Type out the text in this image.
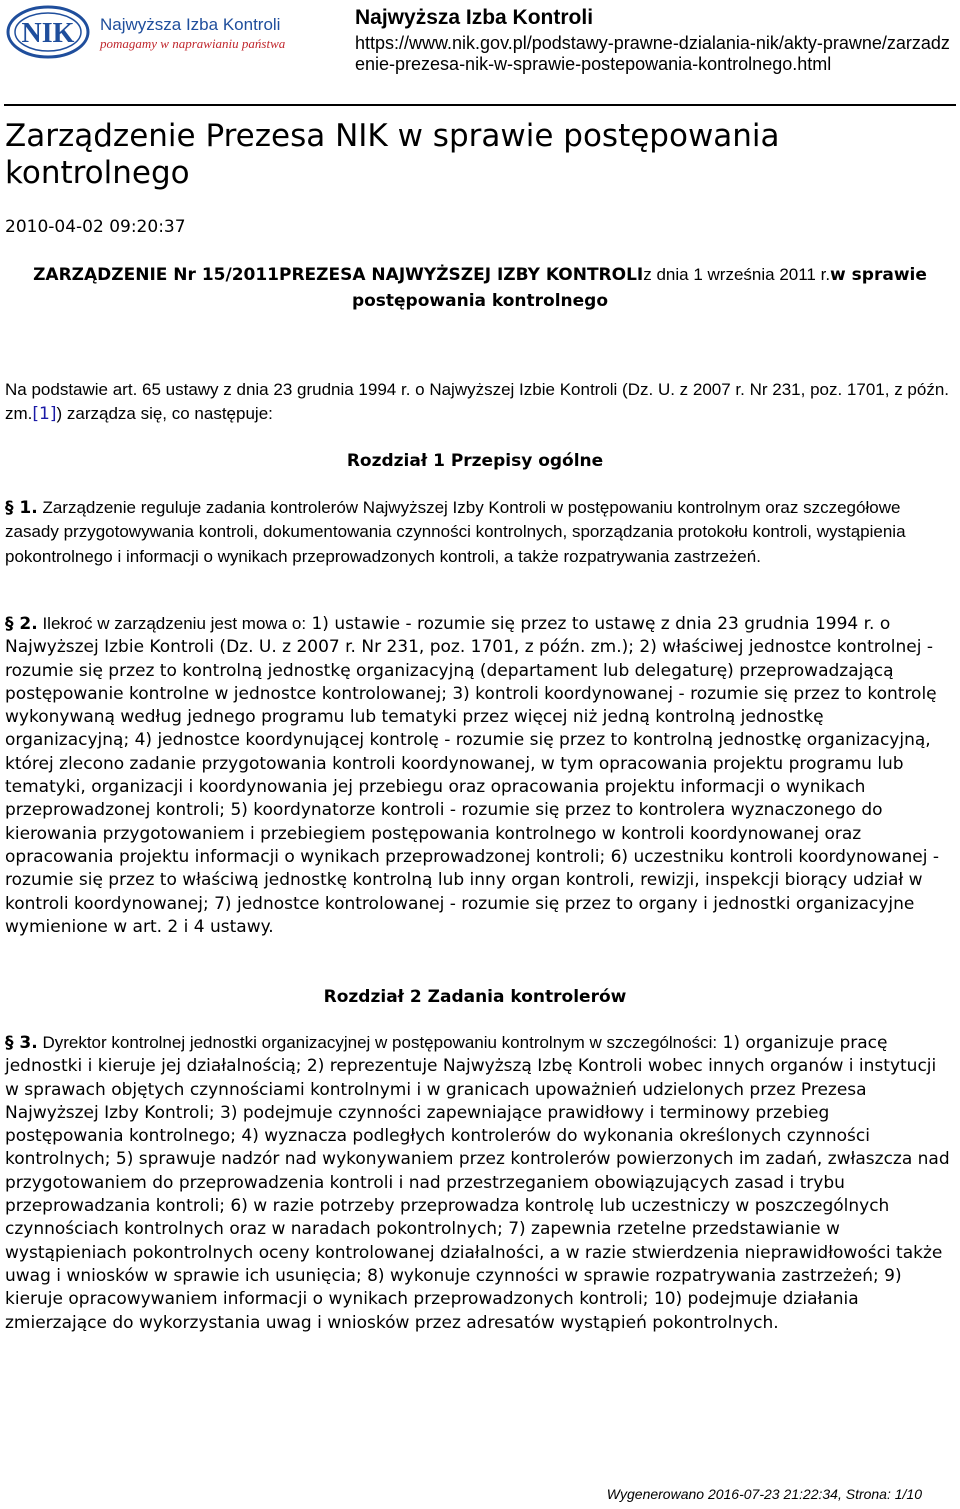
NIK Najwyższa Izba Kontroli
pomagamy w naprawianiu państwa
Najwyższa Izba Kontroli
https://www.nik.gov.pl/podstawy-prawne-dzialania-nik/akty-prawne/zarzadzenie-prezesa-nik-w-sprawie-postepowania-kontrolnego.html
Zarządzenie Prezesa NIK w sprawie postępowania kontrolnego
2010-04-02 09:20:37
ZARZĄDZENIE Nr 15/2011PREZESA NAJWYŻSZEJ IZBY KONTROLIz dnia 1 września 2011 r.w sprawie postępowania kontrolnego
Na podstawie art. 65 ustawy z dnia 23 grudnia 1994 r. o Najwyższej Izbie Kontroli (Dz. U. z 2007 r. Nr 231, poz. 1701, z późn. zm.[1]) zarządza się, co następuje:
Rozdział 1 Przepisy ogólne
§ 1. Zarządzenie reguluje zadania kontrolerów Najwyższej Izby Kontroli w postępowaniu kontrolnym oraz szczegółowe zasady przygotowywania kontroli, dokumentowania czynności kontrolnych, sporządzania protokołu kontroli, wystąpienia pokontrolnego i informacji o wynikach przeprowadzonych kontroli, a także rozpatrywania zastrzeżeń.
§ 2. Ilekroć w zarządzeniu jest mowa o: 1) ustawie - rozumie się przez to ustawę z dnia 23 grudnia 1994 r. o Najwyższej Izbie Kontroli (Dz. U. z 2007 r. Nr 231, poz. 1701, z późn. zm.); 2) właściwej jednostce kontrolnej - rozumie się przez to kontrolną jednostkę organizacyjną (departament lub delegaturę) przeprowadzającą postępowanie kontrolne w jednostce kontrolowanej; 3) kontroli koordynowanej - rozumie się przez to kontrolę wykonywaną według jednego programu lub tematyki przez więcej niż jedną kontrolną jednostkę organizacyjną; 4) jednostce koordynującej kontrolę - rozumie się przez to kontrolną jednostkę organizacyjną, której zlecono zadanie przygotowania kontroli koordynowanej, w tym opracowania projektu programu lub tematyki, organizacji i koordynowania jej przebiegu oraz opracowania projektu informacji o wynikach przeprowadzonej kontroli; 5) koordynatorze kontroli - rozumie się przez to kontrolera wyznaczonego do kierowania przygotowaniem i przebiegiem postępowania kontrolnego w kontroli koordynowanej oraz opracowania projektu informacji o wynikach przeprowadzonej kontroli; 6) uczestniku kontroli koordynowanej - rozumie się przez to właściwą jednostkę kontrolną lub inny organ kontroli, rewizji, inspekcji biorący udział w kontroli koordynowanej; 7) jednostce kontrolowanej - rozumie się przez to organy i jednostki organizacyjne wymienione w art. 2 i 4 ustawy.
Rozdział 2 Zadania kontrolerów
§ 3. Dyrektor kontrolnej jednostki organizacyjnej w postępowaniu kontrolnym w szczególności: 1) organizuje pracę jednostki i kieruje jej działalnością; 2) reprezentuje Najwyższą Izbę Kontroli wobec innych organów i instytucji w sprawach objętych czynnościami kontrolnymi i w granicach upoważnień udzielonych przez Prezesa Najwyższej Izby Kontroli; 3) podejmuje czynności zapewniające prawidłowy i terminowy przebieg postępowania kontrolnego; 4) wyznacza podległych kontrolerów do wykonania określonych czynności kontrolnych; 5) sprawuje nadzór nad wykonywaniem przez kontrolerów powierzonych im zadań, zwłaszcza nad przygotowaniem do przeprowadzenia kontroli i nad przestrzeganiem obowiązujących zasad i trybu przeprowadzania kontroli; 6) w razie potrzeby przeprowadza kontrolę lub uczestniczy w poszczególnych czynnościach kontrolnych oraz w naradach pokontrolnych; 7) zapewnia rzetelne przedstawianie w wystąpieniach pokontrolnych oceny kontrolowanej działalności, a w razie stwierdzenia nieprawidłowości także uwag i wniosków w sprawie ich usunięcia; 8) wykonuje czynności w sprawie rozpatrywania zastrzeżeń; 9) kieruje opracowywaniem informacji o wynikach przeprowadzonych kontroli; 10) podejmuje działania zmierzające do wykorzystania uwag i wniosków przez adresatów wystąpień pokontrolnych.
Wygenerowano 2016-07-23 21:22:34, Strona: 1/10
